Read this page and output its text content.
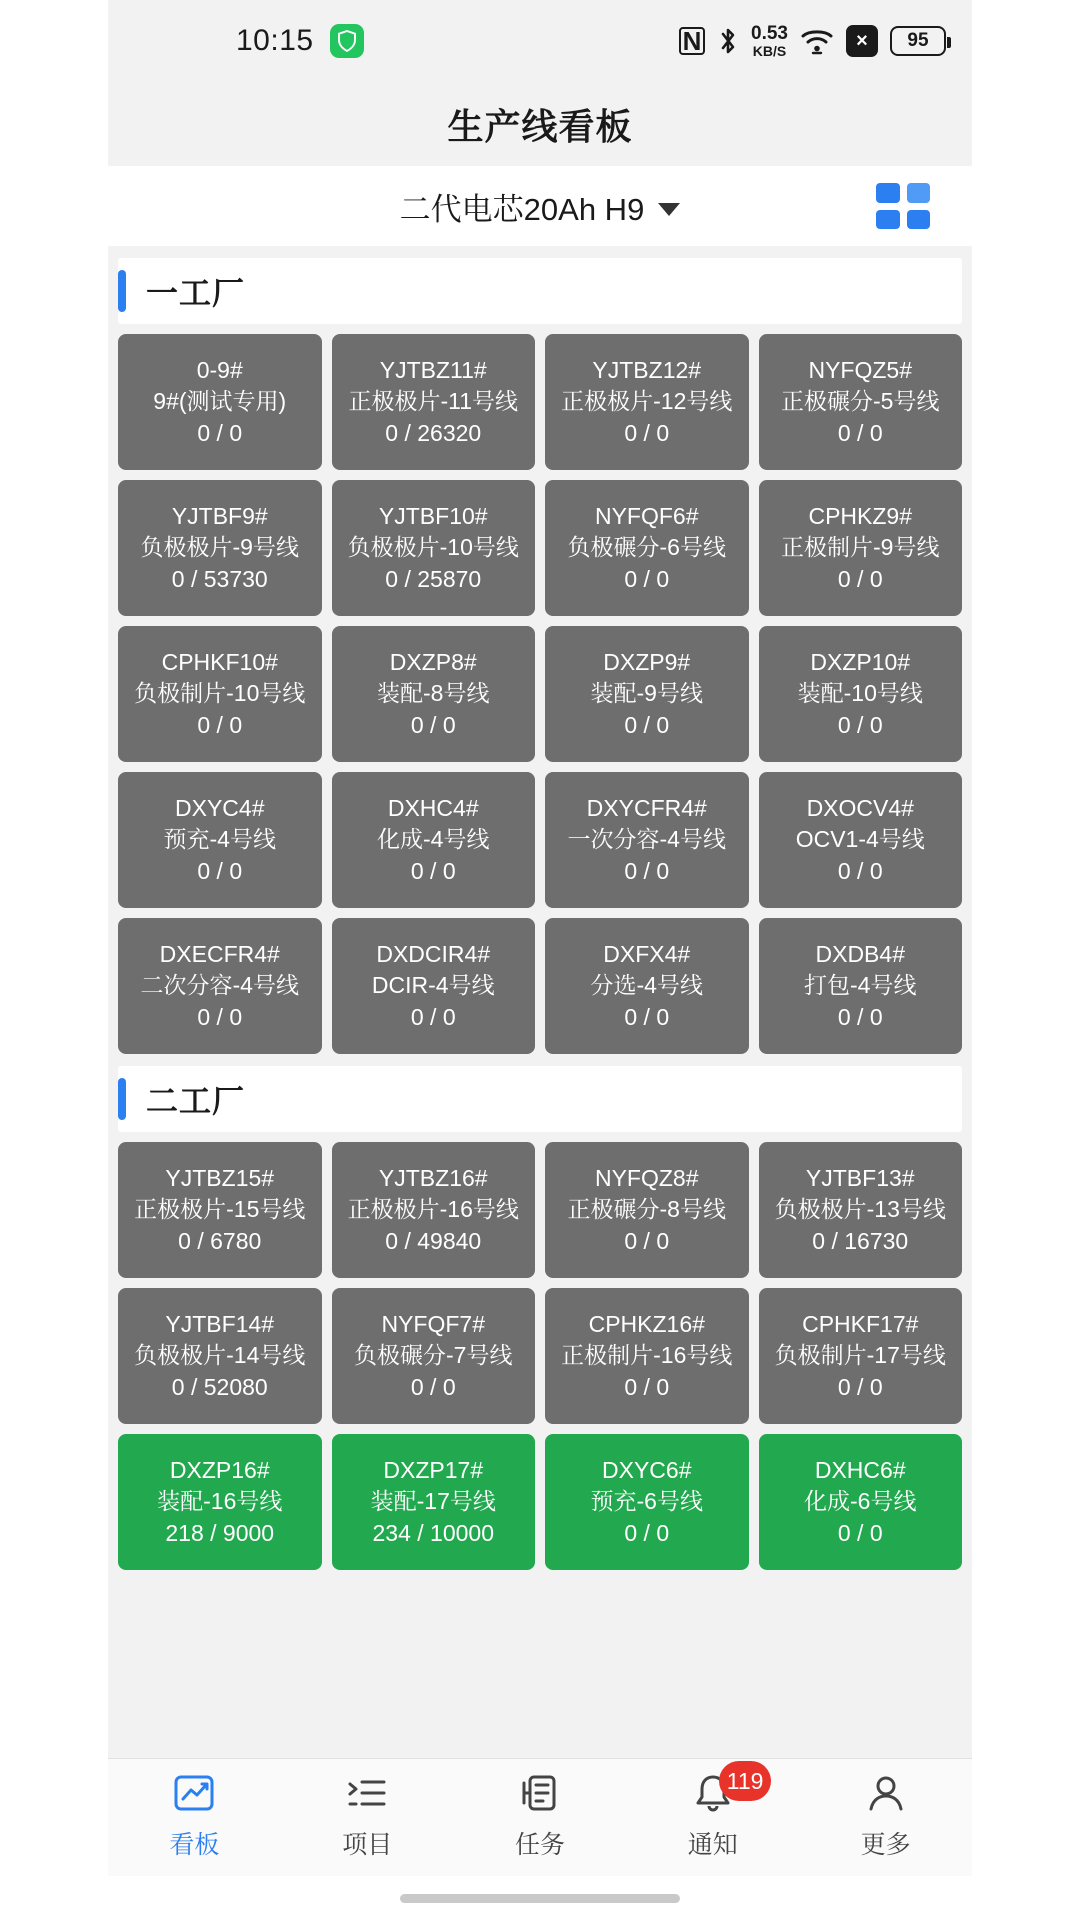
10:15	N	0.53
KB/S	×	95
生产线看板
二代电芯20Ah H9
一工厂
0-9#
9#(测试专用)
0 / 0
YJTBZ11#
正极极片-11号线
0 / 26320
YJTBZ12#
正极极片-12号线
0 / 0
NYFQZ5#
正极碾分-5号线
0 / 0
YJTBF9#
负极极片-9号线
0 / 53730
YJTBF10#
负极极片-10号线
0 / 25870
NYFQF6#
负极碾分-6号线
0 / 0
CPHKZ9#
正极制片-9号线
0 / 0
CPHKF10#
负极制片-10号线
0 / 0
DXZP8#
装配-8号线
0 / 0
DXZP9#
装配-9号线
0 / 0
DXZP10#
装配-10号线
0 / 0
DXYC4#
预充-4号线
0 / 0
DXHC4#
化成-4号线
0 / 0
DXYCFR4#
一次分容-4号线
0 / 0
DXOCV4#
OCV1-4号线
0 / 0
DXECFR4#
二次分容-4号线
0 / 0
DXDCIR4#
DCIR-4号线
0 / 0
DXFX4#
分选-4号线
0 / 0
DXDB4#
打包-4号线
0 / 0
二工厂
YJTBZ15#
正极极片-15号线
0 / 6780
YJTBZ16#
正极极片-16号线
0 / 49840
NYFQZ8#
正极碾分-8号线
0 / 0
YJTBF13#
负极极片-13号线
0 / 16730
YJTBF14#
负极极片-14号线
0 / 52080
NYFQF7#
负极碾分-7号线
0 / 0
CPHKZ16#
正极制片-16号线
0 / 0
CPHKF17#
负极制片-17号线
0 / 0
DXZP16#
装配-16号线
218 / 9000
DXZP17#
装配-17号线
234 / 10000
DXYC6#
预充-6号线
0 / 0
DXHC6#
化成-6号线
0 / 0
看板	项目	任务
119
通知	更多
